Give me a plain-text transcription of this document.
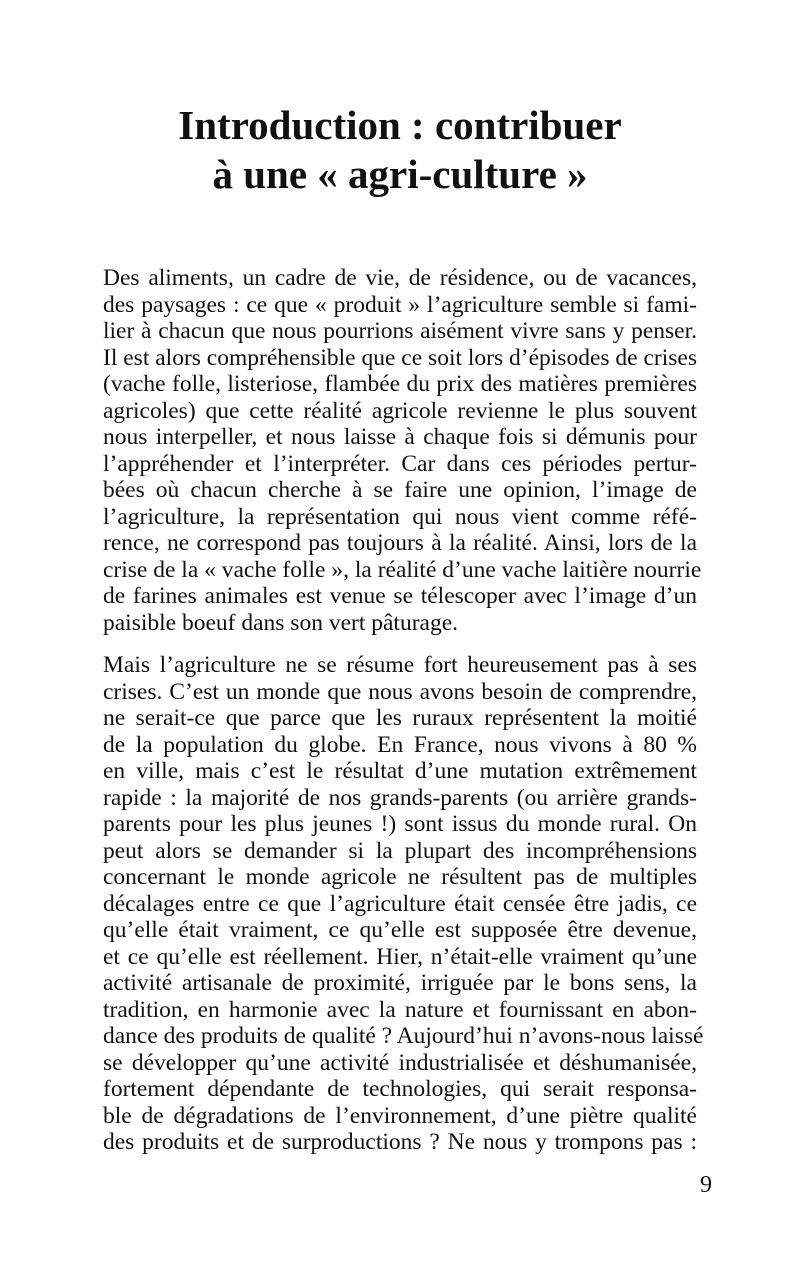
Introduction : contribuer
à une « agri-culture »
Des aliments, un cadre de vie, de résidence, ou de vacances,
des paysages : ce que « produit » l’agriculture semble si fami-
lier à chacun que nous pourrions aisément vivre sans y penser.
Il est alors compréhensible que ce soit lors d’épisodes de crises
(vache folle, listeriose, flambée du prix des matières premières
agricoles) que cette réalité agricole revienne le plus souvent
nous interpeller, et nous laisse à chaque fois si démunis pour
l’appréhender et l’interpréter. Car dans ces périodes pertur-
bées où chacun cherche à se faire une opinion, l’image de
l’agriculture, la représentation qui nous vient comme réfé-
rence, ne correspond pas toujours à la réalité. Ainsi, lors de la
crise de la « vache folle », la réalité d’une vache laitière nourrie
de farines animales est venue se télescoper avec l’image d’un
paisible boeuf dans son vert pâturage.
Mais l’agriculture ne se résume fort heureusement pas à ses
crises. C’est un monde que nous avons besoin de comprendre,
ne serait-ce que parce que les ruraux représentent la moitié
de la population du globe. En France, nous vivons à 80 %
en ville, mais c’est le résultat d’une mutation extrêmement
rapide : la majorité de nos grands-parents (ou arrière grands-
parents pour les plus jeunes !) sont issus du monde rural. On
peut alors se demander si la plupart des incompréhensions
concernant le monde agricole ne résultent pas de multiples
décalages entre ce que l’agriculture était censée être jadis, ce
qu’elle était vraiment, ce qu’elle est supposée être devenue,
et ce qu’elle est réellement. Hier, n’était-elle vraiment qu’une
activité artisanale de proximité, irriguée par le bons sens, la
tradition, en harmonie avec la nature et fournissant en abon-
dance des produits de qualité ? Aujourd’hui n’avons-nous laissé
se développer qu’une activité industrialisée et déshumanisée,
fortement dépendante de technologies, qui serait responsa-
ble de dégradations de l’environnement, d’une piètre qualité
des produits et de surproductions ? Ne nous y trompons pas :
9
